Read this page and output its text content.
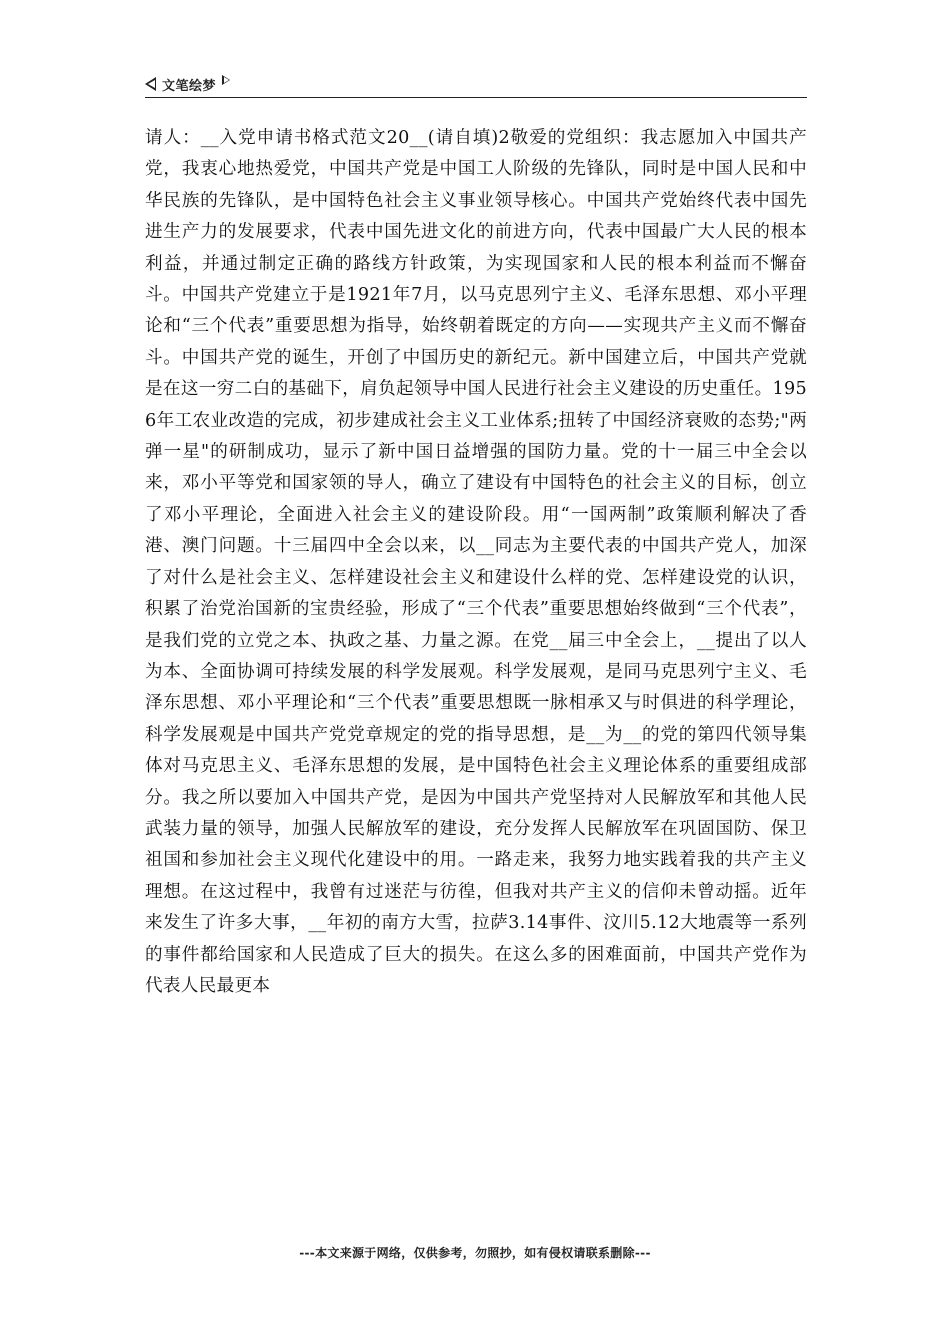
文笔绘梦

请人：__入党申请书格式范文20__(请自填)2敬爱的党组织：我志愿加入中国共产党，我衷心地热爱党，中国共产党是中国工人阶级的先锋队，同时是中国人民和中华民族的先锋队，是中国特色社会主义事业领导核心。中国共产党始终代表中国先进生产力的发展要求，代表中国先进文化的前进方向，代表中国最广大人民的根本利益，并通过制定正确的路线方针政策，为实现国家和人民的根本利益而不懈奋斗。中国共产党建立于是1921年7月，以马克思列宁主义、毛泽东思想、邓小平理论和“三个代表”重要思想为指导，始终朝着既定的方向——实现共产主义而不懈奋斗。中国共产党的诞生，开创了中国历史的新纪元。新中国建立后，中国共产党就是在这一穷二白的基础下，肩负起领导中国人民进行社会主义建设的历史重任。1956年工农业改造的完成，初步建成社会主义工业体系;扭转了中国经济衰败的态势;"两弹一星"的研制成功，显示了新中国日益增强的国防力量。党的十一届三中全会以来，邓小平等党和国家领的导人，确立了建设有中国特色的社会主义的目标，创立了邓小平理论，全面进入社会主义的建设阶段。用“一国两制”政策顺利解决了香港、澳门问题。十三届四中全会以来，以__同志为主要代表的中国共产党人，加深了对什么是社会主义、怎样建设社会主义和建设什么样的党、怎样建设党的认识，积累了治党治国新的宝贵经验，形成了“三个代表”重要思想始终做到“三个代表”，是我们党的立党之本、执政之基、力量之源。在党__届三中全会上，__提出了以人为本、全面协调可持续发展的科学发展观。科学发展观，是同马克思列宁主义、毛泽东思想、邓小平理论和“三个代表”重要思想既一脉相承又与时俱进的科学理论，科学发展观是中国共产党党章规定的党的指导思想，是__为__的党的第四代领导集体对马克思主义、毛泽东思想的发展，是中国特色社会主义理论体系的重要组成部分。我之所以要加入中国共产党，是因为中国共产党坚持对人民解放军和其他人民武装力量的领导，加强人民解放军的建设，充分发挥人民解放军在巩固国防、保卫祖国和参加社会主义现代化建设中的用。一路走来，我努力地实践着我的共产主义理想。在这过程中，我曾有过迷茫与彷徨，但我对共产主义的信仰未曾动摇。近年来发生了许多大事，__年初的南方大雪，拉萨3.14事件、汶川5.12大地震等一系列的事件都给国家和人民造成了巨大的损失。在这么多的困难面前，中国共产党作为代表人民最更本

---本文来源于网络，仅供参考，勿照抄，如有侵权请联系删除---
